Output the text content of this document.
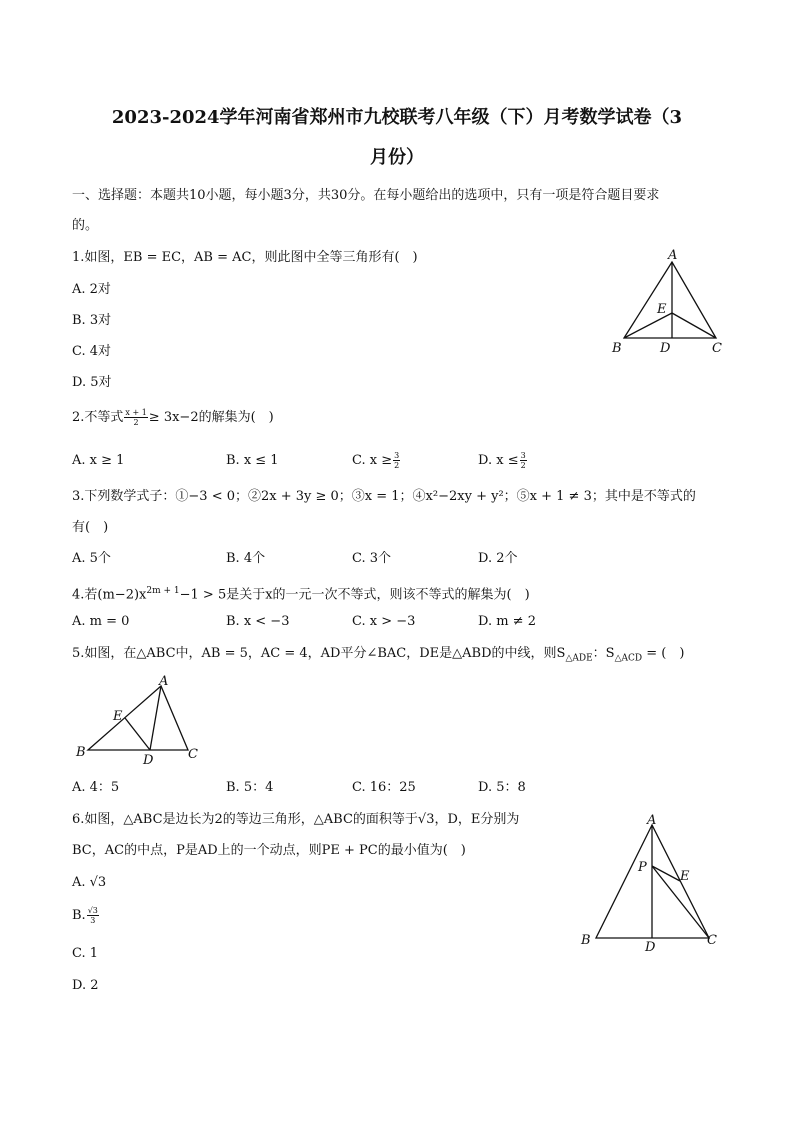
2023-2024学年河南省郑州市九校联考八年级（下）月考数学试卷（3
月份）
一、选择题：本题共10小题，每小题3分，共30分。在每小题给出的选项中，只有一项是符合题目要求
的。
1.如图，EB = EC，AB = AC，则此图中全等三角形有(　)
A. 2对
B. 3对
C. 4对
D. 5对
A
E
B	D	C
2.不等式 $\frac{x + 1}{2} \ge 3x-2$的解集为(　)
A. x ≥ 1	B. x ≤ 1	C. $x \ge \frac{3}{2}$	D. $x \le \frac{3}{2}$
3.下列数学式子：①−3 < 0；②2x + 3y ≥ 0；③x = 1；④x²−2xy + y²；⑤x + 1 ≠ 3；其中是不等式的
有(　)
A. 5个	B. 4个	C. 3个	D. 2个
4.若$(m-2)x^{2m + 1}-1 > 5$是关于x的一元一次不等式，则该不等式的解集为(　)
A. m = 0	B. x < −3	C. x > −3	D. m ≠ 2
5.如图，在△ABC中，AB = 5，AC = 4，AD平分∠BAC，DE是△ABD的中线，则$S_{\triangle ADE}$：$S_{\triangle ACD}$ = (　)
A
E
B
D	C
A. 4：5	B. 5：4	C. 16：25	D. 5：8
6.如图，△ABC是边长为2的等边三角形，△ABC的面积等于√3，D，E分别为
BC，AC的中点，P是AD上的一个动点，则PE + PC的最小值为(　)
A. √3
B. $\frac{√3}{3}$
C. 1
D. 2
A
P
E
B	D	C
